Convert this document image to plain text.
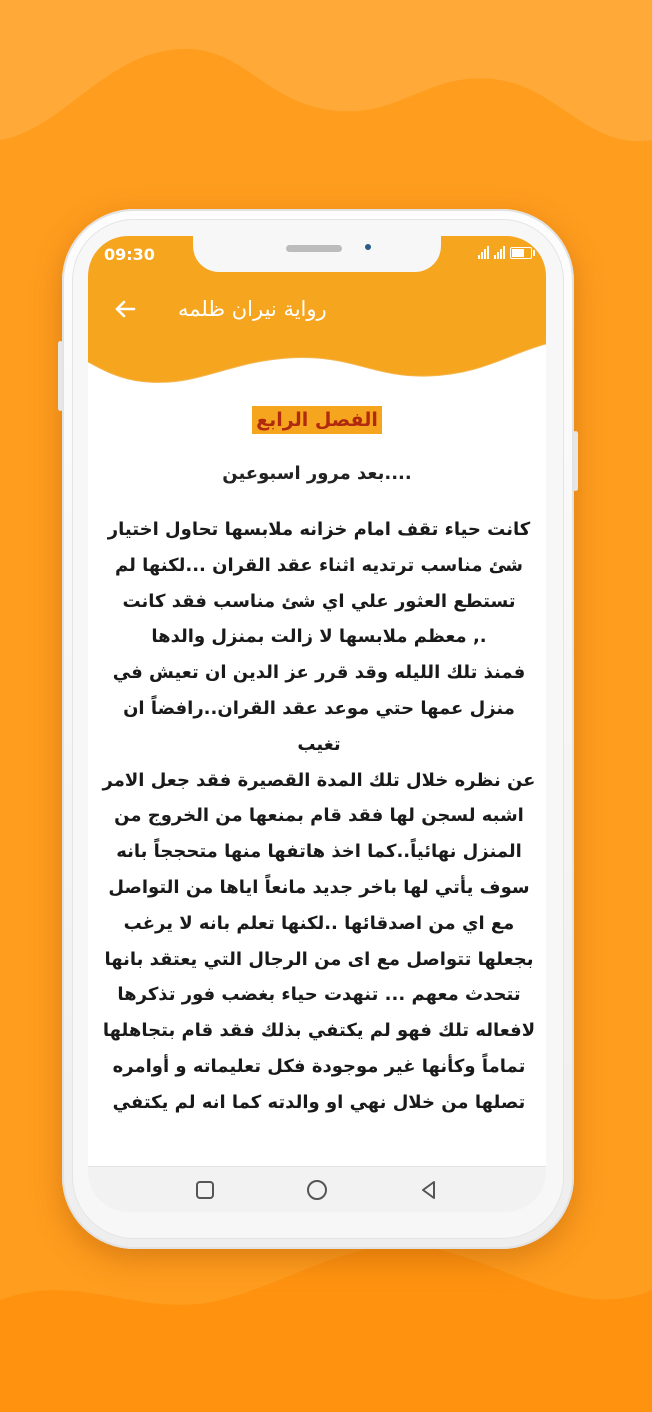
09:30
رواية نيران ظلمه
الفصل الرابع
....بعد مرور اسبوعين
كانت حياء تقف امام خزانه ملابسها تحاول اختيار
شئ مناسب ترتديه اثناء عقد القران ...لكنها لم
تستطع العثور علي اي شئ مناسب فقد كانت
., معظم ملابسها لا زالت بمنزل والدها
فمنذ تلك الليله وقد قرر عز الدين ان تعيش في
منزل عمها حتي موعد عقد القران..رافضاً ان تغيب
عن نظره خلال تلك المدة القصيرة فقد جعل الامر
اشبه لسجن لها فقد قام بمنعها من الخروج من
المنزل نهائياً..كما اخذ هاتفها منها متحججاً بانه
سوف يأتي لها باخر جديد مانعاً اياها من التواصل
مع اي من اصدقائها ..لكنها تعلم بانه لا يرغب
بجعلها تتواصل مع اى من الرجال التي يعتقد بانها
تتحدث معهم ... تنهدت حياء بغضب فور تذكرها
لافعاله تلك فهو لم يكتفي بذلك فقد قام بتجاهلها
تماماً وكأنها غير موجودة فكل تعليماته و أوامره
تصلها من خلال نهي او والدته كما انه لم يكتفي
